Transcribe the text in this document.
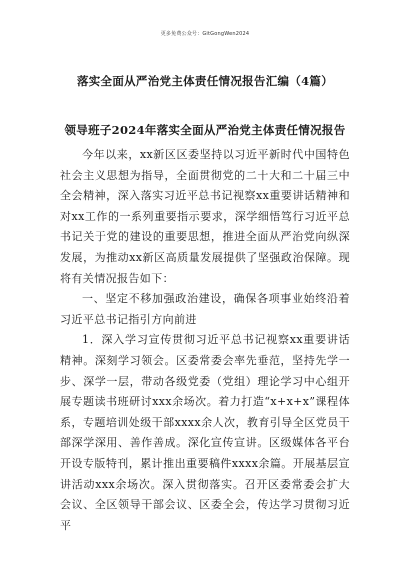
更多免费公众号：GitGongWen2024
落实全面从严治党主体责任情况报告汇编（4篇）
领导班子2024年落实全面从严治党主体责任情况报告

今年以来，xx新区区委坚持以习近平新时代中国特色社会主义思想为指导，全面贯彻党的二十大和二十届三中全会精神，深入落实习近平总书记视察xx重要讲话精神和对xx工作的一系列重要指示要求，深学细悟笃行习近平总书记关于党的建设的重要思想，推进全面从严治党向纵深发展，为推动xx新区高质量发展提供了坚强政治保障。现将有关情况报告如下：

一、坚定不移加强政治建设，确保各项事业始终沿着习近平总书记指引方向前进

1．深入学习宣传贯彻习近平总书记视察xx重要讲话精神。深刻学习领会。区委常委会率先垂范，坚持先学一步、深学一层，带动各级党委（党组）理论学习中心组开展专题读书班研讨xxx余场次。着力打造“x+x+x”课程体系，专题培训处级干部xxxx余人次，教育引导全区党员干部深学深用、善作善成。深化宣传宣讲。区级媒体各平台开设专版特刊，累计推出重要稿件xxxx余篇。开展基层宣讲活动xxx余场次。深入贯彻落实。召开区委常委会扩大会议、全区领导干部会议、区委全会，传达学习贯彻习近平
